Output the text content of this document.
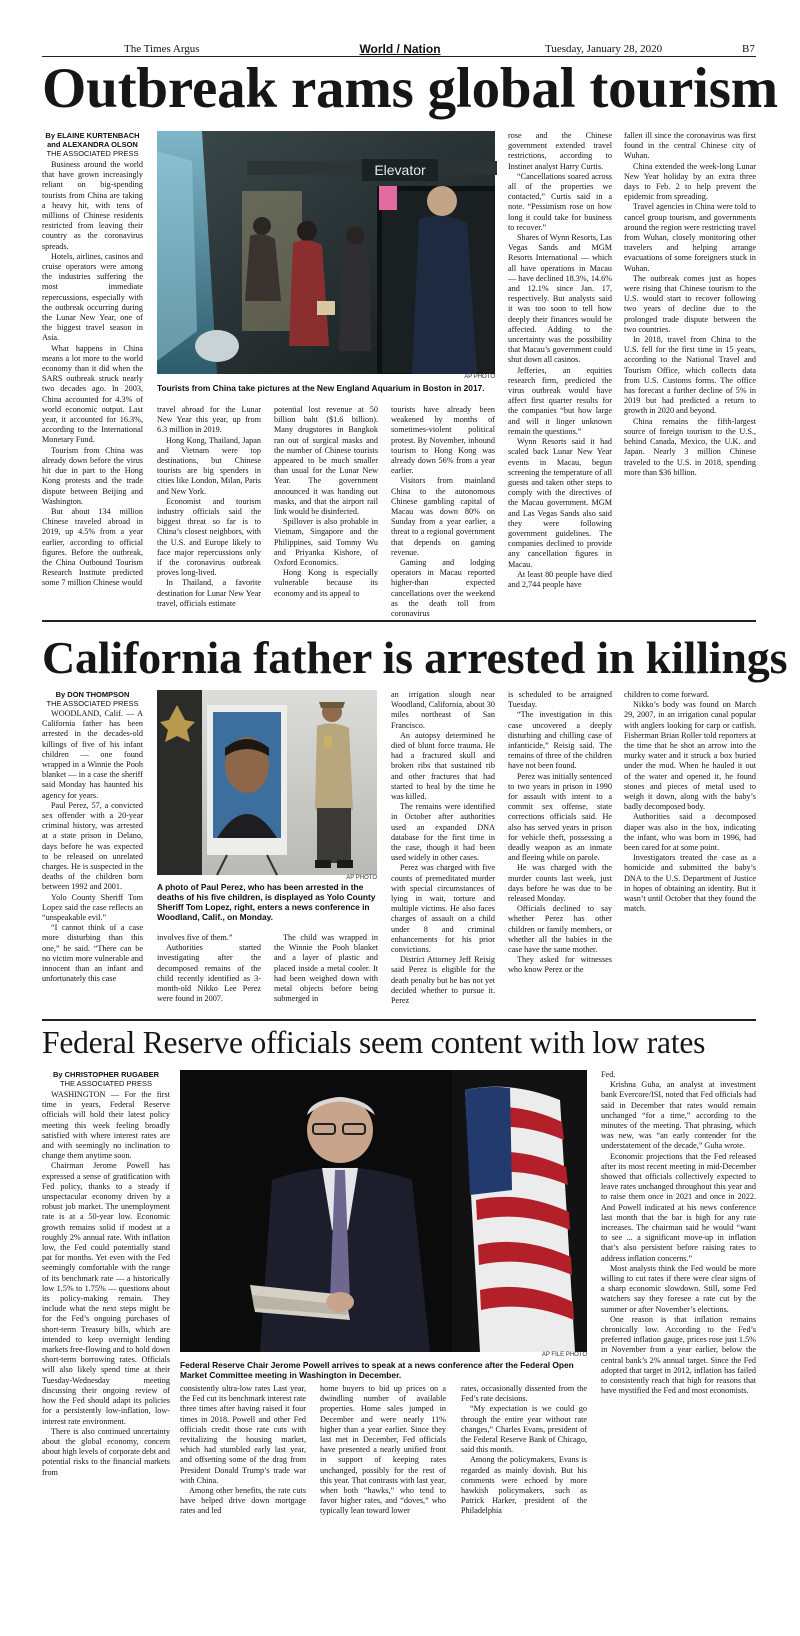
The Times Argus	World / Nation	Tuesday, January 28, 2020	B7
Outbreak rams global tourism
By ELAINE KURTENBACH
and ALEXANDRA OLSON
THE ASSOCIATED PRESS

Business around the world that have grown increasingly reliant on big-spending tourists from China are taking a heavy hit, with tens of millions of Chinese residents restricted from leaving their country as the coronavirus spreads.

Hotels, airlines, casinos and cruise operators were among the industries suffering the most immediate repercussions, especially with the outbreak occurring during the Lunar New Year, one of the biggest travel season in Asia.

What happens in China means a lot more to the world economy than it did when the SARS outbreak struck nearly two decades ago. In 2003, China accounted for 4.3% of world economic output. Last year, it accounted for 16.3%, according to the International Monetary Fund.

Tourism from China was already down before the virus hit due in part to the Hong Kong protests and the trade dispute between Beijing and Washington.

But about 134 million Chinese traveled abroad in 2019, up 4.5% from a year earlier, according to official figures. Before the outbreak, the China Outbound Tourism Research Institute predicted some 7 million Chinese would

Elevator
AP PHOTO
Tourists from China take pictures at the New England Aquarium in Boston in 2017.

travel abroad for the Lunar New Year this year, up from 6.3 million in 2019.

Hong Kong, Thailand, Japan and Vietnam were top destinations, but Chinese tourists are big spenders in cities like London, Milan, Paris and New York.

Economist and tourism industry officials said the biggest threat so far is to China’s closest neighbors, with the U.S. and Europe likely to face major repercussions only if the coronavirus outbreak proves long-lived.

In Thailand, a favorite destination for Lunar New Year travel, officials estimate

potential lost revenue at 50 billion baht ($1.6 billion). Many drugstores in Bangkok ran out of surgical masks and the number of Chinese tourists appeared to be much smaller than usual for the Lunar New Year. The government announced it was handing out masks, and that the airport rail link would be disinfected.

Spillover is also probable in Vietnam, Singapore and the Philippines, said Tommy Wu and Priyanka Kishore, of Oxford Economics.

Hong Kong is especially vulnerable because its economy and its appeal to

tourists have already been weakened by months of sometimes-violent political protest. By November, inbound tourism to Hong Kong was already down 56% from a year earlier.

Visitors from mainland China to the autonomous Chinese gambling capital of Macau was down 80% on Sunday from a year earlier, a threat to a regional government that depends on gaming revenue.

Gaming and lodging operators in Macau reported higher-than expected cancellations over the weekend as the death toll from coronavirus

rose and the Chinese government extended travel restrictions, according to Instinet analyst Harry Curtis.

“Cancellations soared across all of the properties we contacted,” Curtis said in a note. “Pessimism rose on how long it could take for business to recover.”

Shares of Wynn Resorts, Las Vegas Sands and MGM Resorts International — which all have operations in Macau — have declined 18.3%, 14.6% and 12.1% since Jan. 17, respectively. But analysts said it was too soon to tell how deeply their finances would be affected. Adding to the uncertainty was the possibility that Macau’s government could shut down all casinos.

Jefferies, an equities research firm, predicted the virus outbreak would have affect first quarter results for the companies “but how large and will it linger unknown remain the questions.”

Wynn Resorts said it had scaled back Lunar New Year events in Macau, begun screening the temperature of all guests and taken other steps to comply with the directives of the Macau government. MGM and Las Vegas Sands also said they were following government guidelines. The companies declined to provide any cancellation figures in Macau.

At least 80 people have died and 2,744 people have

fallen ill since the coronavirus was first found in the central Chinese city of Wuhan.

China extended the week-long Lunar New Year holiday by an extra three days to Feb. 2 to help prevent the epidemic from spreading.

Travel agencies in China were told to cancel group tourism, and governments around the region were restricting travel from Wuhan, closely monitoring other travelers and helping arrange evacuations of some foreigners stuck in Wuhan.

The outbreak comes just as hopes were rising that Chinese tourism to the U.S. would start to recover following two years of decline due to the prolonged trade dispute between the two countries.

In 2018, travel from China to the U.S. fell for the first time in 15 years, according to the National Travel and Tourism Office, which collects data from U.S. Customs forms. The office has forecast a further decline of 5% in 2019 but had predicted a return to growth in 2020 and beyond.

China remains the fifth-largest source of foreign tourism to the U.S., behind Canada, Mexico, the U.K. and Japan. Nearly 3 million Chinese traveled to the U.S. in 2018, spending more than $36 billion.

California father is arrested in killings
By DON THOMPSON
THE ASSOCIATED PRESS

WOODLAND, Calif. — A California father has been arrested in the decades-old killings of five of his infant children — one found wrapped in a Winnie the Pooh blanket — in a case the sheriff said Monday has haunted his agency for years.

Paul Perez, 57, a convicted sex offender with a 20-year criminal history, was arrested at a state prison in Delano, days before he was expected to be released on unrelated charges. He is suspected in the deaths of the children born between 1992 and 2001.

Yolo County Sheriff Tom Lopez said the case reflects an “unspeakable evil.”

“I cannot think of a case more disturbing than this one,” he said. “There can be no victim more vulnerable and innocent than an infant and unfortunately this case

AP PHOTO
A photo of Paul Perez, who has been arrested in the deaths of his five children, is displayed as Yolo County Sheriff Tom Lopez, right, enters a news conference in Woodland, Calif., on Monday.

involves five of them.”

Authorities started investigating after the decomposed remains of the child recently identified as 3-month-old Nikko Lee Perez were found in 2007.

The child was wrapped in the Winnie the Pooh blanket and a layer of plastic and placed inside a metal cooler. It had been weighed down with metal objects before being submerged in

an irrigation slough near Woodland, California, about 30 miles northeast of San Francisco.

An autopsy determined he died of blunt force trauma. He had a fractured skull and broken ribs that sustained rib and other fractures that had started to heal by the time he was killed.

The remains were identified in October after authorities used an expanded DNA database for the first time in the case, though it had been used widely in other cases.

Perez was charged with five counts of premeditated murder with special circumstances of lying in wait, torture and multiple victims. He also faces charges of assault on a child under 8 and criminal enhancements for his prior convictions.

District Attorney Jeff Reisig said Perez is eligible for the death penalty but he has not yet decided whether to pursue it. Perez

is scheduled to be arraigned Tuesday.

“The investigation in this case uncovered a deeply disturbing and chilling case of infanticide,” Reisig said. The remains of three of the children have not been found.

Perez was initially sentenced to two years in prison in 1990 for assault with intent to a commit sex offense, state corrections officials said. He also has served years in prison for vehicle theft, possessing a deadly weapon as an inmate and fleeing while on parole.

He was charged with the murder counts last week, just days before he was due to be released Monday.

Officials declined to say whether Perez has other children or family members, or whether all the babies in the case have the same mother.

They asked for witnesses who know Perez or the

children to come forward.

Nikko’s body was found on March 29, 2007, in an irrigation canal popular with anglers looking for carp or catfish. Fisherman Brian Roller told reporters at the time that he shot an arrow into the murky water and it struck a box buried under the mud. When he hauled it out of the water and opened it, he found stones and pieces of metal used to weigh it down, along with the baby’s badly decomposed body.

Authorities said a decomposed diaper was also in the box, indicating the infant, who was born in 1996, had been cared for at some point.

Investigators treated the case as a homicide and submitted the baby’s DNA to the U.S. Department of Justice in hopes of obtaining an identity. But it wasn’t until October that they found the match.

Federal Reserve officials seem content with low rates
By CHRISTOPHER RUGABER
THE ASSOCIATED PRESS

WASHINGTON — For the first time in years, Federal Reserve officials will hold their latest policy meeting this week feeling broadly satisfied with where interest rates are and with seemingly no inclination to change them anytime soon.

Chairman Jerome Powell has expressed a sense of gratification with Fed policy, thanks to a steady if unspectacular economy driven by a robust job market. The unemployment rate is at a 50-year low. Economic growth remains solid if modest at a roughly 2% annual rate. With inflation low, the Fed could potentially stand pat for months. Yet even with the Fed seemingly comfortable with the range of its benchmark rate — a historically low 1.5% to 1.75% — questions about its policy-making remain. They include what the next steps might be for the Fed’s ongoing purchases of short-term Treasury bills, which are intended to keep overnight lending markets free-flowing and to hold down short-term borrowing rates. Officials will also likely spend time at their Tuesday-Wednesday meeting discussing their ongoing review of how the Fed should adapt its policies for a persistently low-inflation, low-interest rate environment.

There is also continued uncertainty about the global economy, concern about high levels of corporate debt and potential risks to the financial markets from

AP FILE PHOTO
Federal Reserve Chair Jerome Powell arrives to speak at a news conference after the Federal Open Market Committee meeting in Washington in December.

consistently ultra-low rates Last year, the Fed cut its benchmark interest rate three times after having raised it four times in 2018. Powell and other Fed officials credit those rate cuts with revitalizing the housing market, which had stumbled early last year, and offsetting some of the drag from President Donald Trump’s trade war with China.

Among other benefits, the rate cuts have helped drive down mortgage rates and led

home buyers to bid up prices on a dwindling number of available properties. Home sales jumped in December and were nearly 11% higher than a year earlier. Since they last met in December, Fed officials have presented a nearly unified front in support of keeping rates unchanged, possibly for the rest of this year. That contrasts with last year, when both “hawks,” who tend to favor higher rates, and “doves,” who typically lean toward lower

rates, occasionally dissented from the Fed’s rate decisions.

“My expectation is we could go through the entire year without rate changes,” Charles Evans, president of the Federal Reserve Bank of Chicago, said this month.

Among the policymakers, Evans is regarded as mainly dovish. But his comments were echoed by more hawkish policymakers, such as Patrick Harker, president of the Philadelphia

Fed.

Krishna Guha, an analyst at investment bank Evercore/ISI, noted that Fed officials had said in December that rates would remain unchanged “for a time,” according to the minutes of the meeting. That phrasing, which was new, was “an early contender for the understatement of the decade,” Guha wrote.

Economic projections that the Fed released after its most recent meeting in mid-December showed that officials collectively expected to leave rates unchanged throughout this year and to raise them once in 2021 and once in 2022. And Powell indicated at his news conference last month that the bar is high for any rate increases. The chairman said he would “want to see ... a significant move-up in inflation that’s also persistent before raising rates to address inflation concerns.”

Most analysts think the Fed would be more willing to cut rates if there were clear signs of a sharp economic slowdown. Still, some Fed watchers say they foresee a rate cut by the summer or after November’s elections.

One reason is that inflation remains chronically low. According to the Fed’s preferred inflation gauge, prices rose just 1.5% in November from a year earlier, below the central bank’s 2% annual target. Since the Fed adopted that target in 2012, inflation has failed to consistently reach that high for reasons that have mystified the Fed and most economists.
